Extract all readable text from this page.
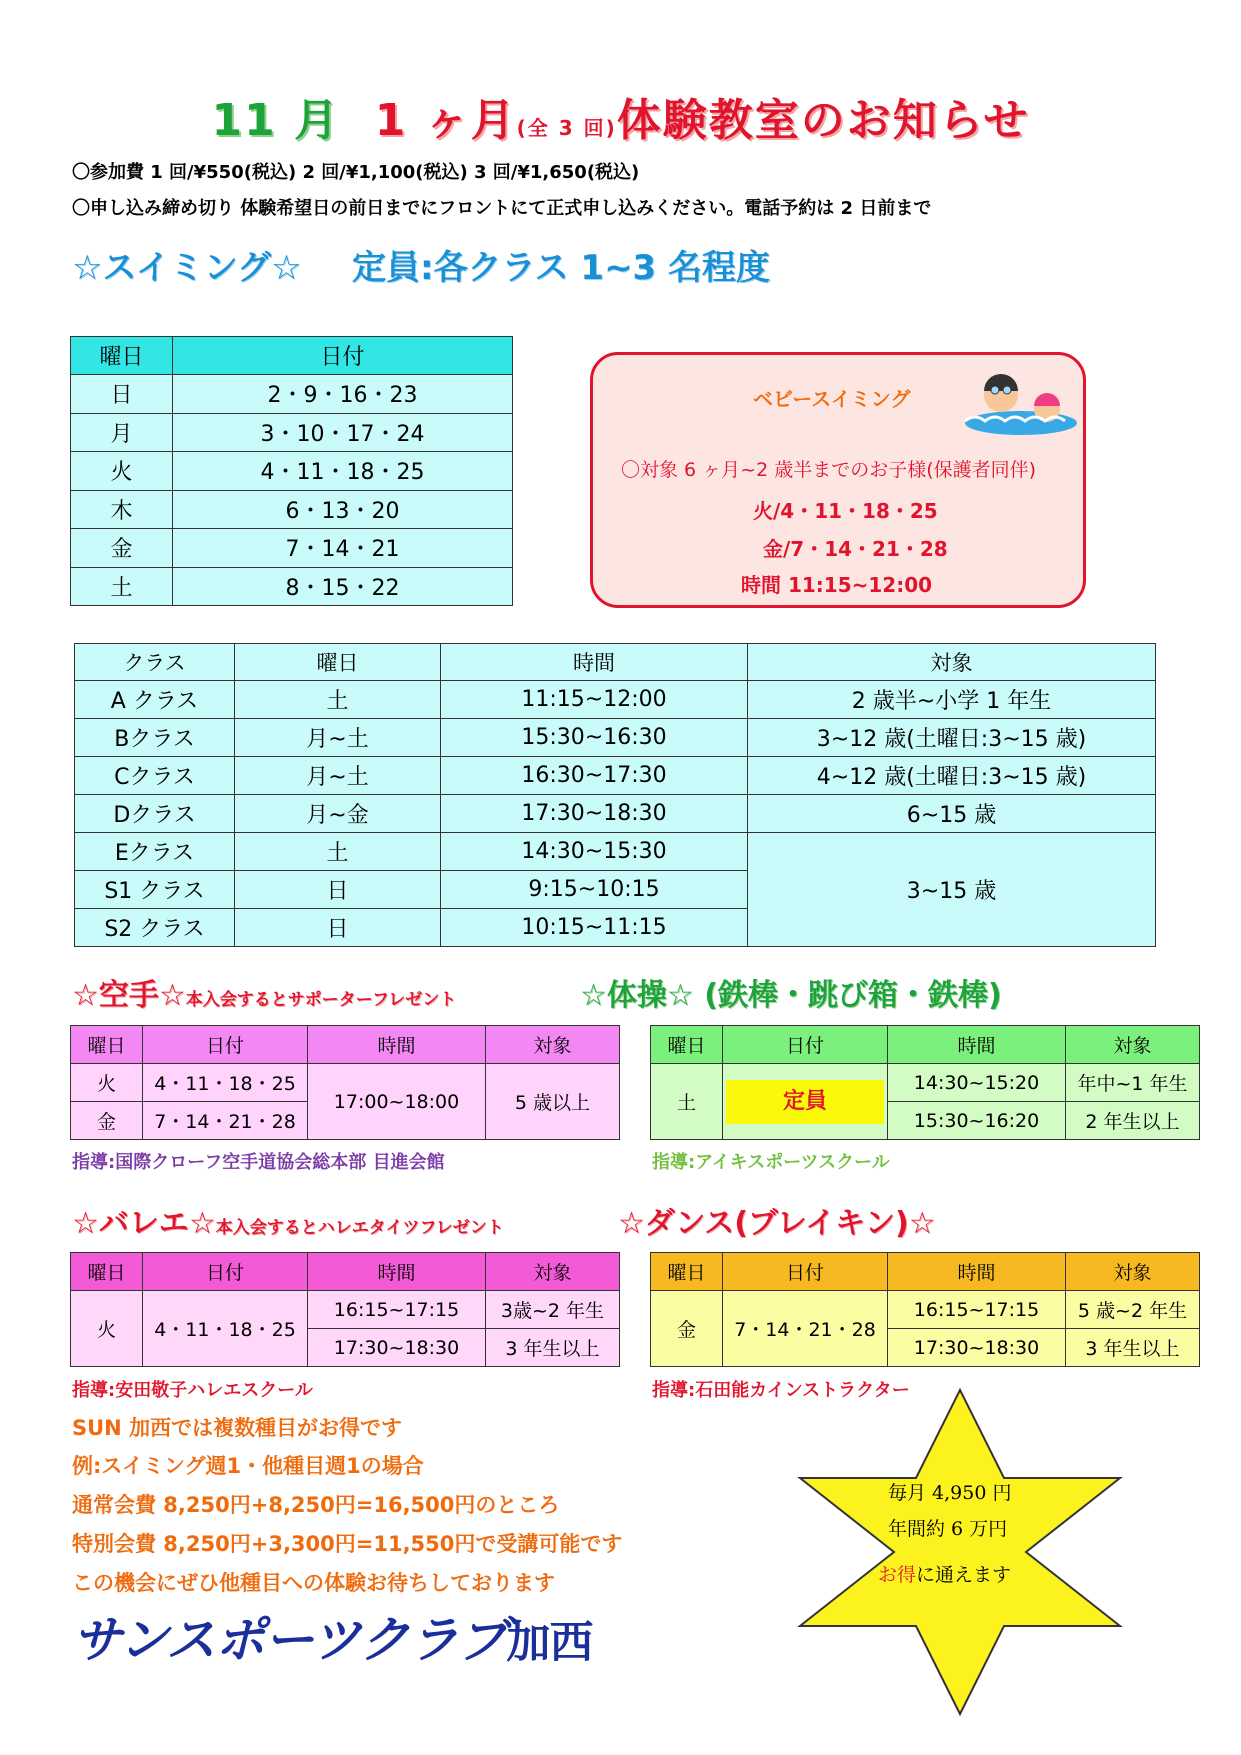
11 月 1 ヶ月(全 3 回)体験教室のお知らせ
〇参加費 1 回/¥550(税込) 2 回/¥1,100(税込) 3 回/¥1,650(税込)
〇申し込み締め切り 体験希望日の前日までにフロントにて正式申し込みください。電話予約は 2 日前まで
☆スイミング☆ 定員:各クラス 1~3 名程度
曜日	日付
日	2・9・16・23
月	3・10・17・24
火	4・11・18・25
木	6・13・20
金	7・14・21
土	8・15・22
ベビースイミング
〇対象 6 ヶ月~2 歳半までのお子様(保護者同伴)
火/4・11・18・25
金/7・14・21・28
時間 11:15~12:00
クラス	曜日	時間	対象
A クラス	土	11:15~12:00	2 歳半~小学 1 年生
Bクラス	月~土	15:30~16:30	3~12 歳(土曜日:3~15 歳)
Cクラス	月~土	16:30~17:30	4~12 歳(土曜日:3~15 歳)
Dクラス	月~金	17:30~18:30	6~15 歳
Eクラス	土	14:30~15:30	3~15 歳
S1 クラス	日	9:15~10:15	
S2 クラス	日	10:15~11:15	
☆空手☆本入会するとサポーターフレゼント	☆体操☆ (鉄棒・跳び箱・鉄棒)
曜日	日付	時間	対象
火	4・11・18・25	17:00~18:00	5 歳以上
金	7・14・21・28		
曜日	日付	時間	対象
土	定員	14:30~15:20	年中~1 年生
		15:30~16:20	2 年生以上
指導:国際クローフ空手道協会総本部 目進会館	指導:アイキスポーツスクール
☆バレエ☆本入会するとハレエタイツフレゼント	☆ダンス(ブレイキン)☆
曜日	日付	時間	対象
火	4・11・18・25	16:15~17:15	3歳~2 年生
		17:30~18:30	3 年生以上
曜日	日付	時間	対象
金	7・14・21・28	16:15~17:15	5 歳~2 年生
		17:30~18:30	3 年生以上
指導:安田敬子ハレエスクール	指導:石田能カインストラクター
SUN 加西では複数種目がお得です
例:スイミング週1・他種目週1の場合
通常会費 8,250円+8,250円=16,500円のところ
特別会費 8,250円+3,300円=11,550円で受講可能です
この機会にぜひ他種目への体験お待ちしております
毎月 4,950 円
年間約 6 万円
お得に通えます
サンスポーツクラブ加西
